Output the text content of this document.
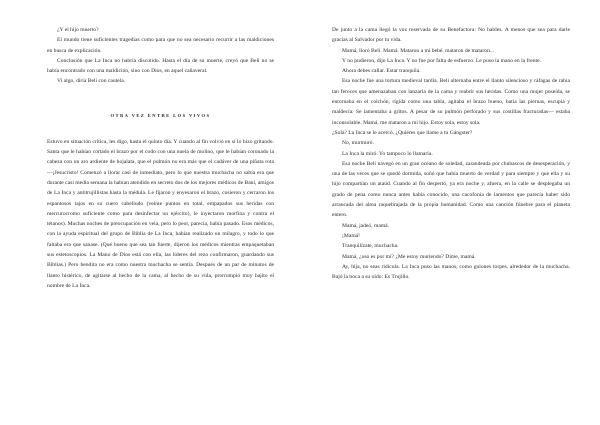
¿Y el hijo muerto?

El mundo tiene suficientes tragedias como para que no sea necesario recurrir a las maldiciones en busca de explicación.

Conclusión que La Inca no habría discutido. Hasta el día de su muerte, creyó que Beli no se había encontrado con una maldición, sino con Dios, en aquel cañaveral.

Vi algo, diría Beli con cautela.

OTRA VEZ ENTRE LOS VIVOS

Estuvo en situación crítica, les digo, hasta el quinto día. Y cuando al fin volvió en sí lo hizo gritando. Santa que le habían cortado el brazo por el codo con una nuela de molino, que le habían coronado la cabeza con un aro ardiente de hojalata, que el pulmón no era más que el cadáver de una piñata rota —¡Jesucristo! Comenzó a llorar casi de inmediato, pero lo que nuestra muchacha no sabía era que durante casi media semana la habían atendido en secreto dos de los mejores médicos de Baní, amigos de La Inca y antitrujillistas hasta la médula. Le fijaron y enyesaron el brazo, cosieron y cerraron los espantosos tajos en su cuero cabelludo (veinte puntos en total, empapados sus heridas con mercurocromo suficiente como para desinfectar un ejército), le inyectaron morfina y contra el tétanos). Muchas noches de preocupación en vela, pero lo peor, parecía, había pasado. Esos médicos, con la ayuda espiritual del grupo de Biblia de La Inca, habían realizado un milagro, y todo lo que faltaba era que sanase. (Qué bueno que sea tan fuerte, dijeron los médicos mientras empaquetaban sus estetoscopios. La Mano de Dios está con ella, las líderes del rezo confirmaron, guardando sus Biblias.) Pero bendita no era como nuestra muchacha se sentía. Después de un par de minutos de llanto histérico, de agitarse al hecho de la cama, al hecho de su vida, prorrumpió muy bajito el nombre de La Inca.

De junto a la cama llegó la voz reservada de su Benefactora: No hables. A menos que sea para darle gracias al Salvador por tu vida.

Mamá, lloró Beli. Mamá. Mataron a mi bebé, mataron de mataron...

Y no pudieron, dijo La Inca. Y no fue por falta de esfuerzo. Le puso la mano en la frente.

Ahora debes callar. Estar tranquila.

Esa noche fue una tortura medieval tardía. Beli alternaba entre el llanto silencioso y ráfagas de rabia tan feroces que amenazaban con lanzarla de la cama y reabrir sus heridas. Como una mujer poseída, se entornaba en el colchón, rígida como una tabla, agitaba el brazo bueno, batía las piernas, escupía y maldecía. Se lamentaba a gritos. A pesar de su pulmón perforado y sus costillas fracturadas— estaba inconsolable. Mamá, me mataron a mi hijo. Estoy sola, estoy sola.

¿Sola? La Inca se le acercó. ¿Quieres que llame a tu Gángster?

No, murmuró.

La Inca la miró. Yo tampoco lo llamaría.

Esa noche Beli navegó en un gran océano de soledad, zarandeada por chubascos de desesperación, y una de las veces que se quedó dormida, soñó que había muerto de verdad y para siempre y que ella y su hijo compartían un ataúd. Cuando al fin despertó, ya era noche y, afuera, en la calle se desplegaba un grado de pena como nunca antes había conocido, una cacofonía de lamentos que parecía haber sido arrancada del alma raquebrajada de la propia humanidad. Como una canción fúnebre para el planeta entero.

Mamá, jadeó, mamá.

¡Mamá!

Tranquilízate, muchacha.

Mamá, ¿oso es por mí? ¿Me estoy muriendo? Dime, mamá.

Ay, hija, no seas ridícula. La Inca puso las manos, como guiones torpes, alrededor de la muchacha. Bajó la boca a su oído: Es Trujillo.
